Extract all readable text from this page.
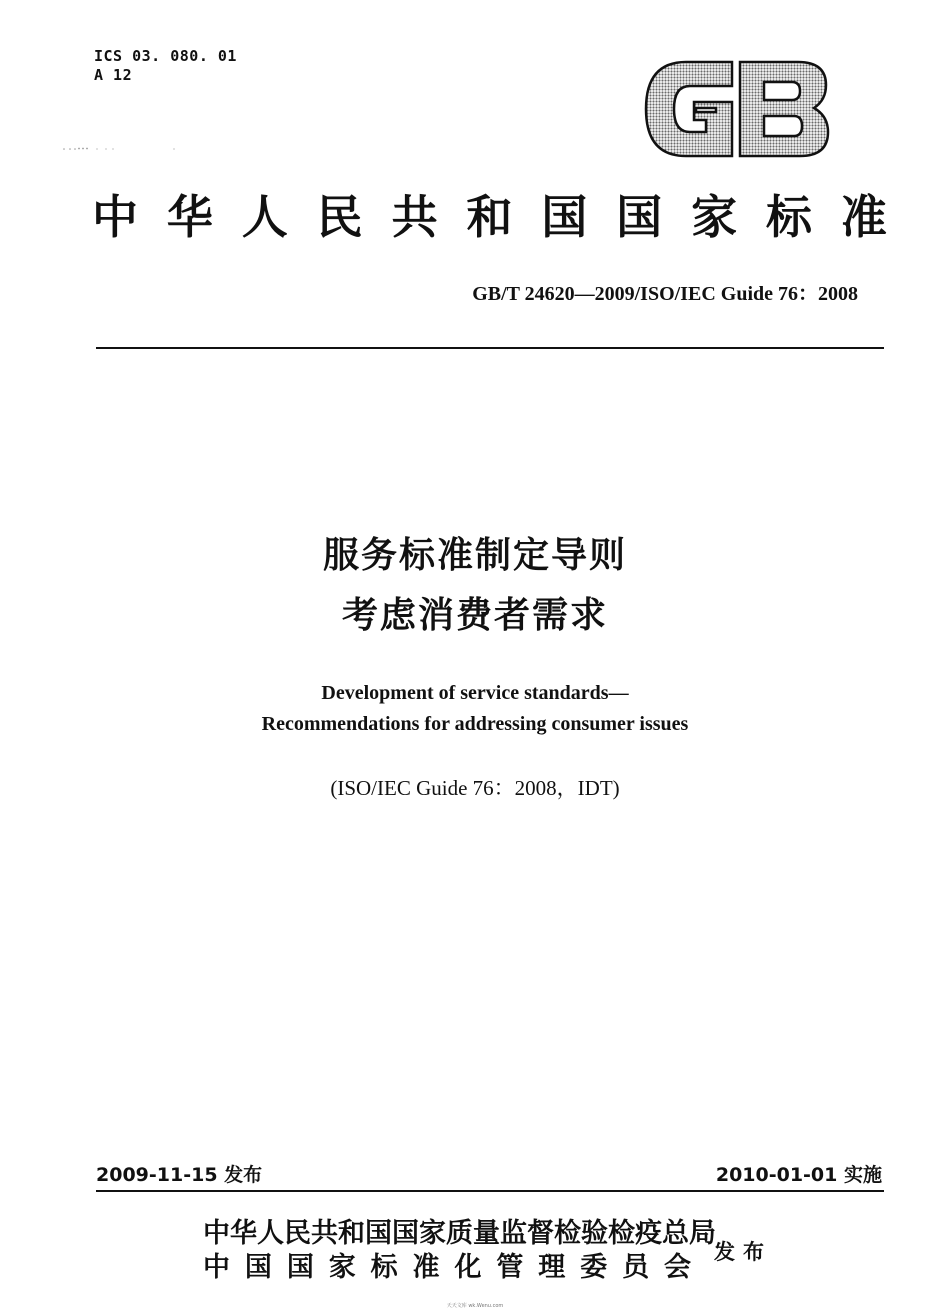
ICS 03. 080. 01
A 12
中 华 人 民 共 和 国 国 家 标 准
GB/T 24620—2009/ISO/IEC Guide 76：2008
服务标准制定导则
考虑消费者需求
Development of service standards—
Recommendations for addressing consumer issues
(ISO/IEC Guide 76：2008，IDT)
2009-11-15 发布	2010-01-01 实施
中华人民共和国国家质量监督检验检疫总局
中 国 国 家 标 准 化 管 理 委 员 会
发布
天天文库 wk.Wenu.com
